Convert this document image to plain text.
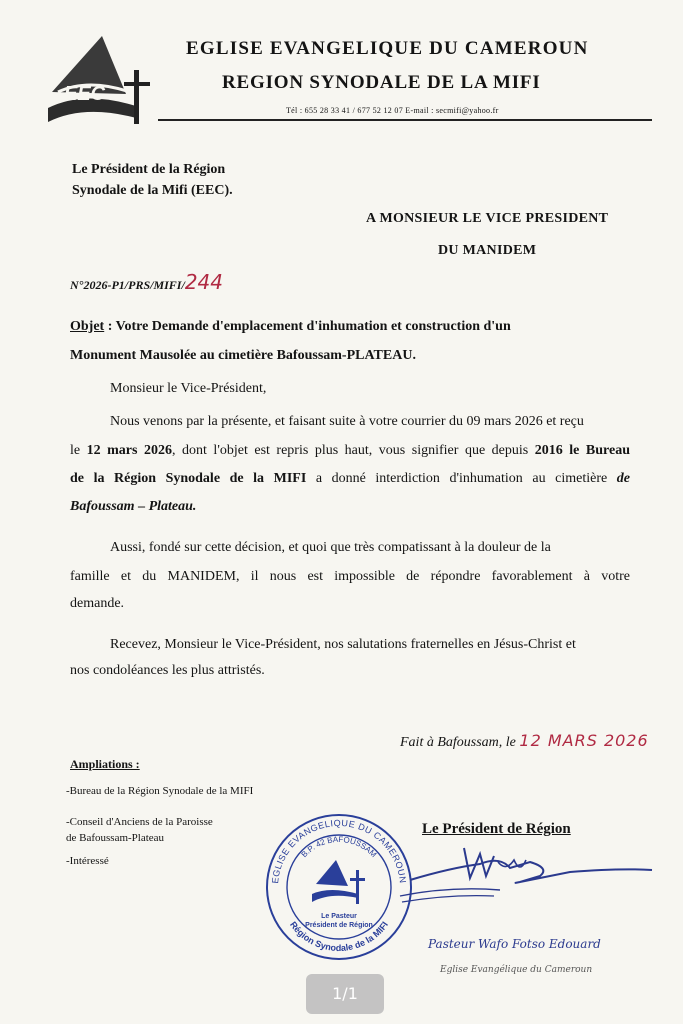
EEC
EGLISE EVANGELIQUE DU CAMEROUN
REGION SYNODALE DE LA MIFI
Tél : 655 28 33 41 / 677 52 12 07 E-mail : secmifi@yahoo.fr
Le Président de la Région
Synodale de la Mifi (EEC).
A MONSIEUR LE VICE PRESIDENT
DU MANIDEM
N°2026-P1/PRS/MIFI/244
Objet : Votre Demande d'emplacement d'inhumation et construction d'un
Monument Mausolée au cimetière Bafoussam-PLATEAU.
Monsieur le Vice-Président,
Nous venons par la présente, et faisant suite à votre courrier du 09 mars 2026 et reçu
le 12 mars 2026, dont l'objet est repris plus haut, vous signifier que depuis 2016 le Bureau
de la Région Synodale de la MIFI a donné interdiction d'inhumation au cimetière de
Bafoussam – Plateau.
Aussi, fondé sur cette décision, et quoi que très compatissant à la douleur de la
famille et du MANIDEM, il nous est impossible de répondre favorablement à votre
demande.
Recevez, Monsieur le Vice-Président, nos salutations fraternelles en Jésus-Christ et
nos condoléances les plus attristés.
Fait à Bafoussam, le 12 MARS 2026
Ampliations :
-Bureau de la Région Synodale de la MIFI
-Conseil d'Anciens de la Paroisse
de Bafoussam-Plateau
-Intéressé
Le Président de Région
EGLISE EVANGELIQUE DU CAMEROUN
B.P. 42 BAFOUSSAM
Région Synodale de la MIFI
Le Pasteur
Président de Région
Pasteur Wafo Fotso Edouard
Eglise Evangélique du Cameroun
1/1
